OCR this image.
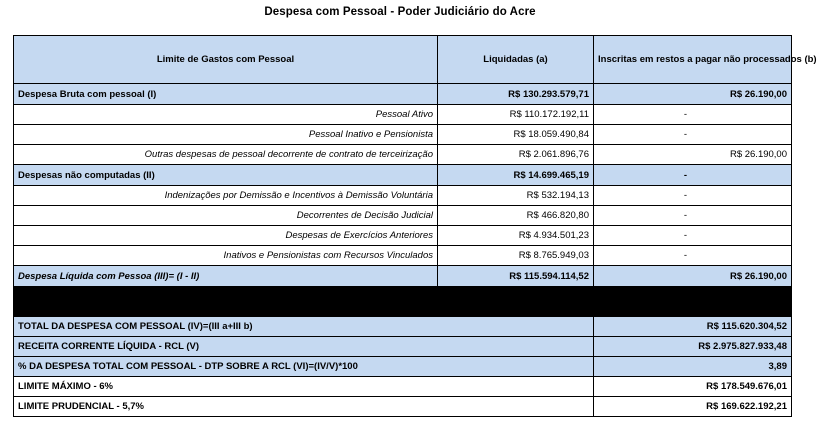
Despesa com Pessoal - Poder Judiciário do Acre
Limite de Gastos com Pessoal	Liquidadas (a)	Inscritas em restos a pagar não processados (b)
Despesa Bruta com pessoal (I)	R$ 130.293.579,71	R$ 26.190,00
Pessoal Ativo	R$ 110.172.192,11	-
Pessoal Inativo e Pensionista	R$ 18.059.490,84	-
Outras despesas de pessoal decorrente de contrato de terceirização	R$ 2.061.896,76	R$ 26.190,00
Despesas não computadas (II)	R$ 14.699.465,19	-
Indenizações por Demissão e Incentivos à Demissão Voluntária	R$ 532.194,13	-
Decorrentes de Decisão Judicial	R$ 466.820,80	-
Despesas de Exercícios Anteriores	R$ 4.934.501,23	-
Inativos e Pensionistas com Recursos Vinculados	R$ 8.765.949,03	-
Despesa Líquida com Pessoa (III)= (I - II)	R$ 115.594.114,52	R$ 26.190,00

TOTAL DA DESPESA COM PESSOAL (IV)=(III a+III b)	R$ 115.620.304,52
RECEITA CORRENTE LÍQUIDA - RCL (V)	R$ 2.975.827.933,48
% DA DESPESA TOTAL COM PESSOAL - DTP SOBRE A RCL (VI)=(IV/V)*100	3,89
LIMITE MÁXIMO - 6%	R$ 178.549.676,01
LIMITE PRUDENCIAL - 5,7%	R$ 169.622.192,21
